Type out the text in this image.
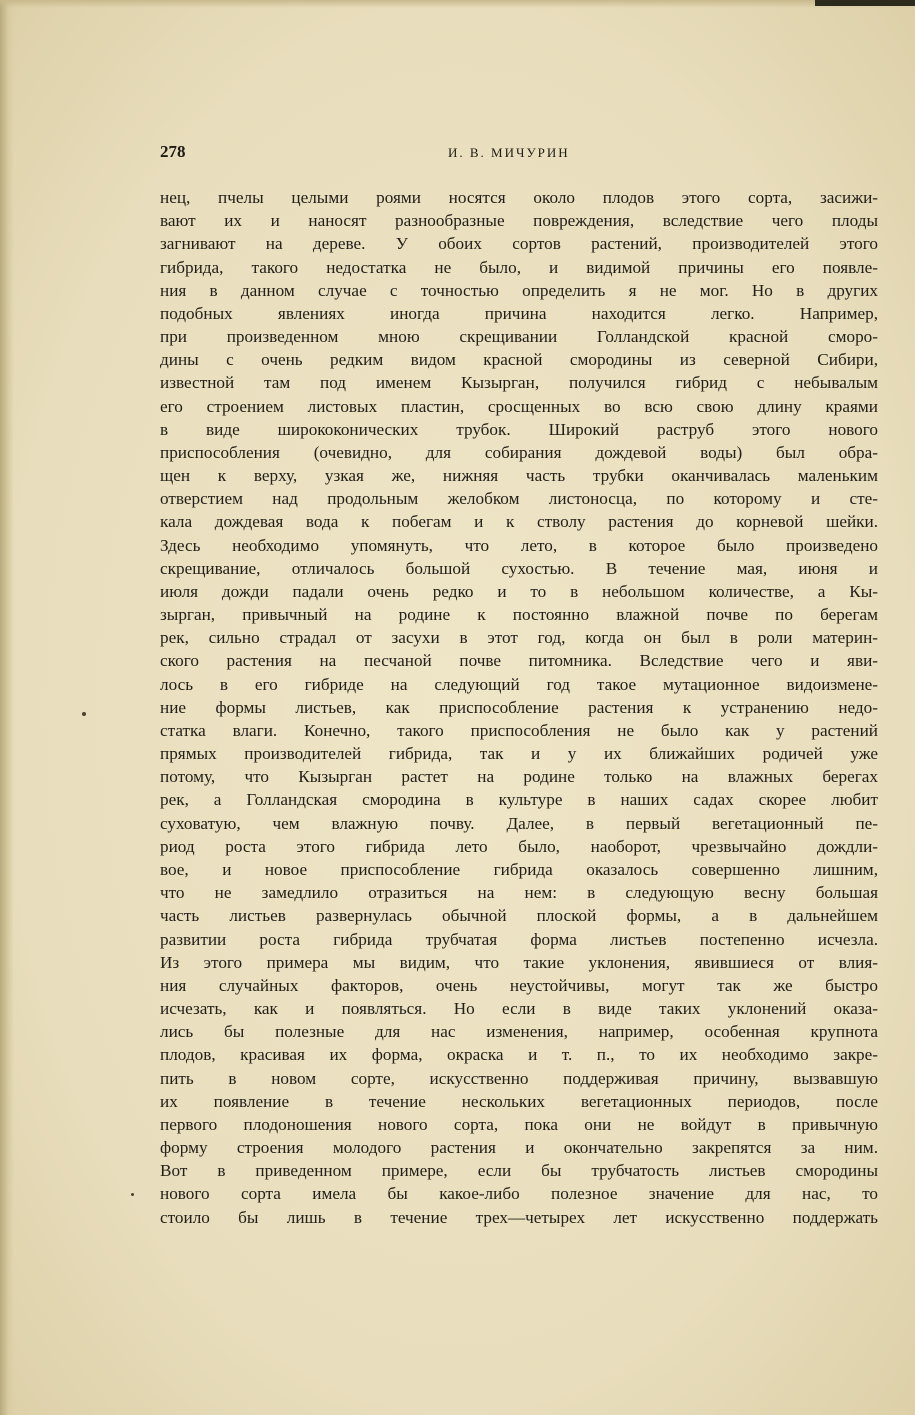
278	И. В. МИЧУРИН
нец, пчелы целыми роями носятся около плодов этого сорта, засижи-
вают их и наносят разнообразные повреждения, вследствие чего плоды
загнивают на дереве. У обоих сортов растений, производителей этого
гибрида, такого недостатка не было, и видимой причины его появле-
ния в данном случае с точностью определить я не мог. Но в других
подобных явлениях иногда причина находится легко. Например,
при произведенном мною скрещивании Голландской красной сморо-
дины с очень редким видом красной смородины из северной Сибири,
известной там под именем Кызырган, получился гибрид с небывалым
его строением листовых пластин, сросщенных во всю свою длину краями
в виде ширококонических трубок. Широкий раструб этого нового
приспособления (очевидно, для собирания дождевой воды) был обра-
щен к верху, узкая же, нижняя часть трубки оканчивалась маленьким
отверстием над продольным желобком листоносца, по которому и сте-
кала дождевая вода к побегам и к стволу растения до корневой шейки.
Здесь необходимо упомянуть, что лето, в которое было произведено
скрещивание, отличалось большой сухостью. В течение мая, июня и
июля дожди падали очень редко и то в небольшом количестве, а Кы-
зырган, привычный на родине к постоянно влажной почве по берегам
рек, сильно страдал от засухи в этот год, когда он был в роли материн-
ского растения на песчаной почве питомника. Вследствие чего и яви-
лось в его гибриде на следующий год такое мутационное видоизмене-
ние формы листьев, как приспособление растения к устранению недо-
статка влаги. Конечно, такого приспособления не было как у растений
прямых производителей гибрида, так и у их ближайших родичей уже
потому, что Кызырган растет на родине только на влажных берегах
рек, а Голландская смородина в культуре в наших садах скорее любит
суховатую, чем влажную почву. Далее, в первый вегетационный пе-
риод роста этого гибрида лето было, наоборот, чрезвычайно дождли-
вое, и новое приспособление гибрида оказалось совершенно лишним,
что не замедлило отразиться на нем: в следующую весну большая
часть листьев развернулась обычной плоской формы, а в дальнейшем
развитии роста гибрида трубчатая форма листьев постепенно исчезла.
Из этого примера мы видим, что такие уклонения, явившиеся от влия-
ния случайных факторов, очень неустойчивы, могут так же быстро
исчезать, как и появляться. Но если в виде таких уклонений оказа-
лись бы полезные для нас изменения, например, особенная крупнота
плодов, красивая их форма, окраска и т. п., то их необходимо закре-
пить в новом сорте, искусственно поддерживая причину, вызвавшую
их появление в течение нескольких вегетационных периодов, после
первого плодоношения нового сорта, пока они не войдут в привычную
форму строения молодого растения и окончательно закрепятся за ним.
Вот в приведенном примере, если бы трубчатость листьев смородины
нового сорта имела бы какое-либо полезное значение для нас, то
стоило бы лишь в течение трех—четырех лет искусственно поддержать
